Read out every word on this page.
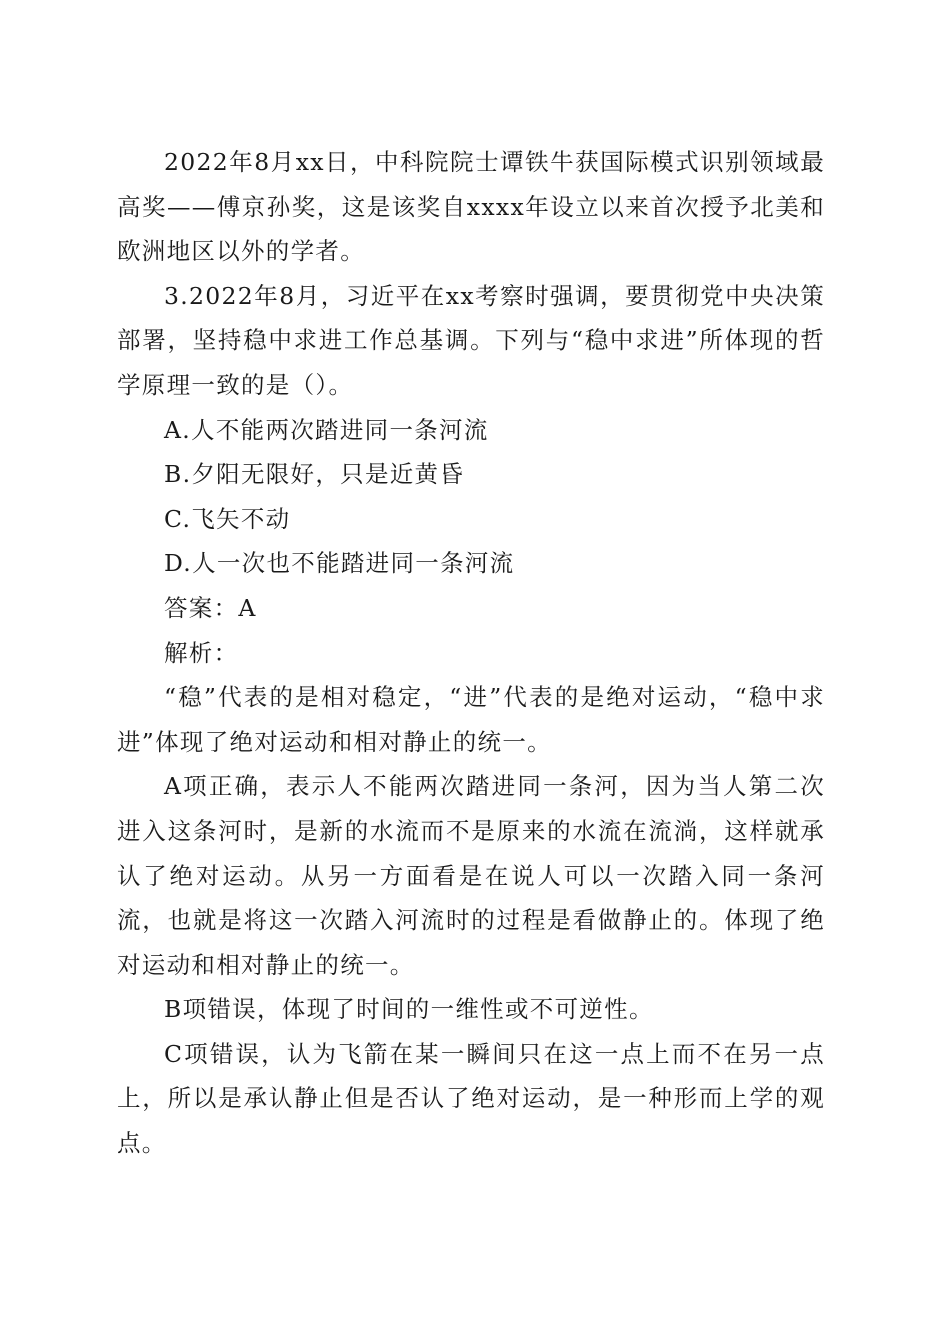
2022年8月xx日，中科院院士谭铁牛获国际模式识别领域最高奖——傅京孙奖，这是该奖自xxxx年设立以来首次授予北美和欧洲地区以外的学者。

3.2022年8月，习近平在xx考察时强调，要贯彻党中央决策部署，坚持稳中求进工作总基调。下列与“稳中求进”所体现的哲学原理一致的是（）。

A.人不能两次踏进同一条河流

B.夕阳无限好，只是近黄昏

C.飞矢不动

D.人一次也不能踏进同一条河流

答案：A

解析：

“稳”代表的是相对稳定，“进”代表的是绝对运动，“稳中求进”体现了绝对运动和相对静止的统一。

A项正确，表示人不能两次踏进同一条河，因为当人第二次进入这条河时，是新的水流而不是原来的水流在流淌，这样就承认了绝对运动。从另一方面看是在说人可以一次踏入同一条河流，也就是将这一次踏入河流时的过程是看做静止的。体现了绝对运动和相对静止的统一。

B项错误，体现了时间的一维性或不可逆性。

C项错误，认为飞箭在某一瞬间只在这一点上而不在另一点上，所以是承认静止但是否认了绝对运动，是一种形而上学的观点。
